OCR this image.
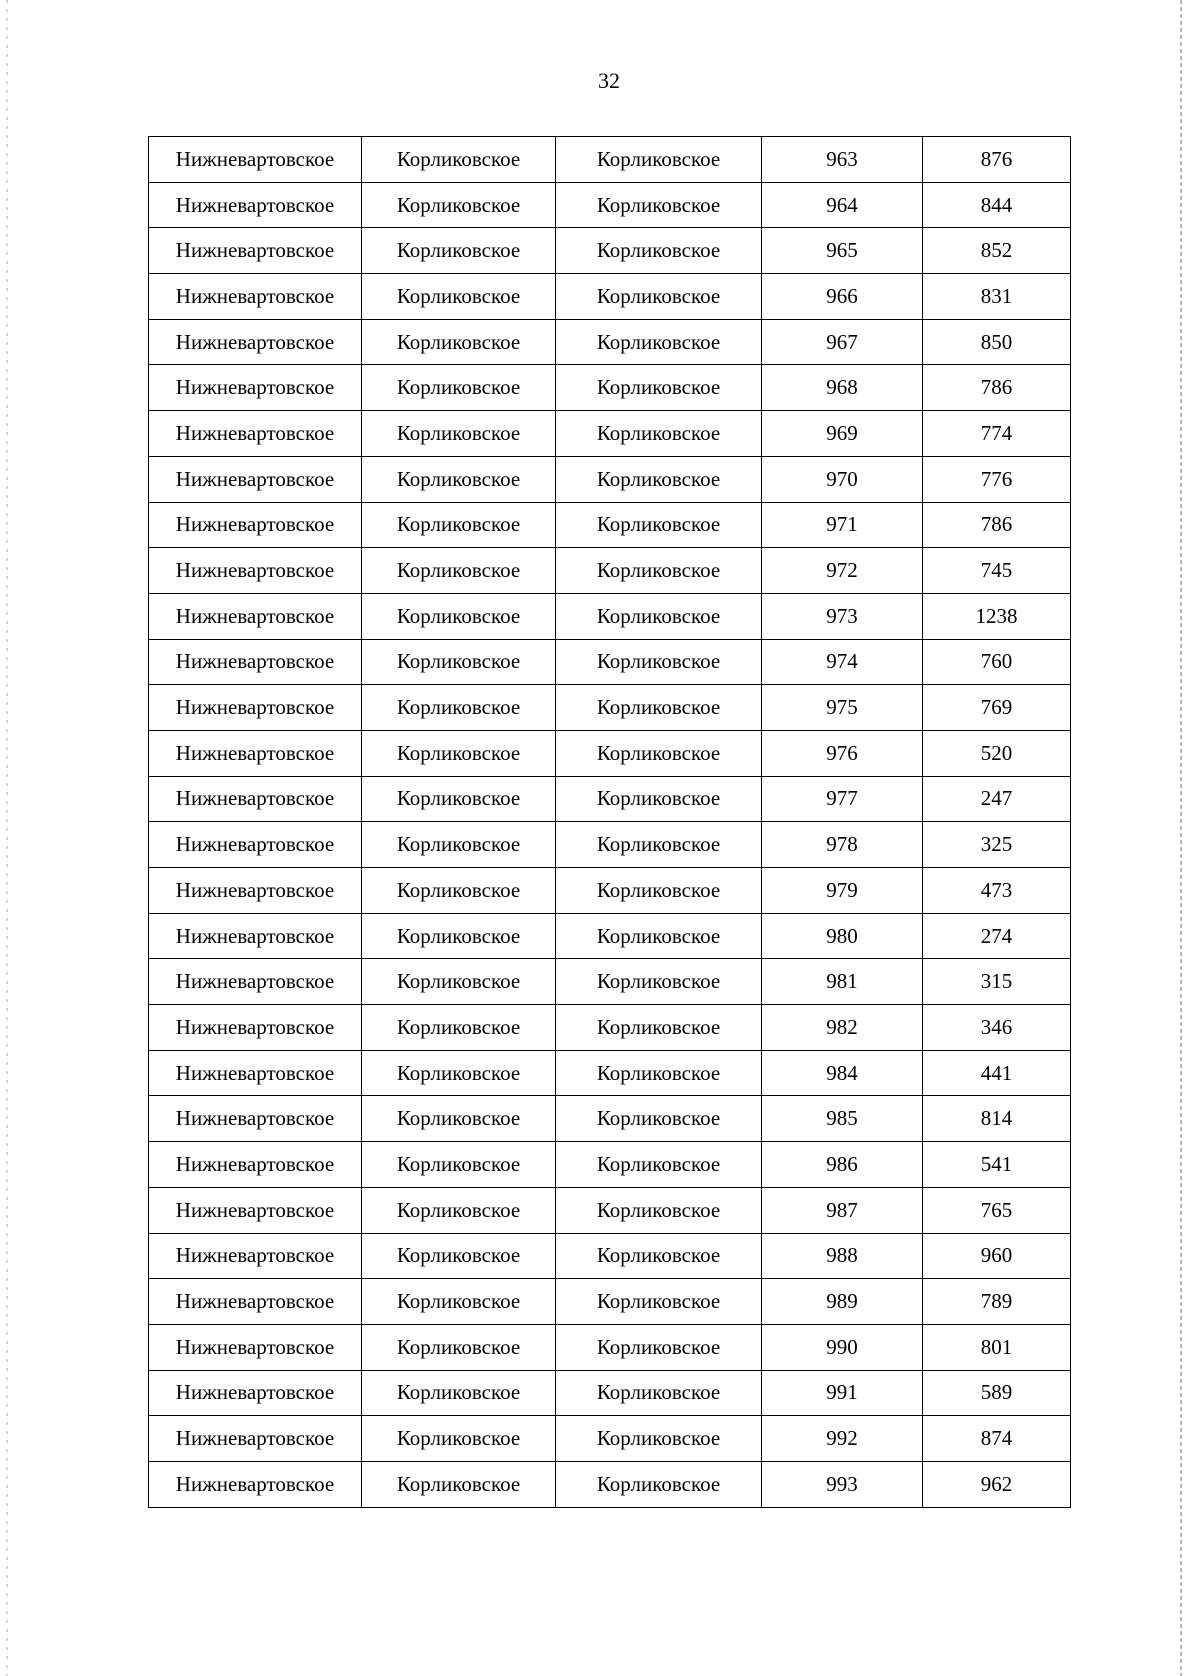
32
Нижневартовское	Корликовское	Корликовское	963	876
Нижневартовское	Корликовское	Корликовское	964	844
Нижневартовское	Корликовское	Корликовское	965	852
Нижневартовское	Корликовское	Корликовское	966	831
Нижневартовское	Корликовское	Корликовское	967	850
Нижневартовское	Корликовское	Корликовское	968	786
Нижневартовское	Корликовское	Корликовское	969	774
Нижневартовское	Корликовское	Корликовское	970	776
Нижневартовское	Корликовское	Корликовское	971	786
Нижневартовское	Корликовское	Корликовское	972	745
Нижневартовское	Корликовское	Корликовское	973	1238
Нижневартовское	Корликовское	Корликовское	974	760
Нижневартовское	Корликовское	Корликовское	975	769
Нижневартовское	Корликовское	Корликовское	976	520
Нижневартовское	Корликовское	Корликовское	977	247
Нижневартовское	Корликовское	Корликовское	978	325
Нижневартовское	Корликовское	Корликовское	979	473
Нижневартовское	Корликовское	Корликовское	980	274
Нижневартовское	Корликовское	Корликовское	981	315
Нижневартовское	Корликовское	Корликовское	982	346
Нижневартовское	Корликовское	Корликовское	984	441
Нижневартовское	Корликовское	Корликовское	985	814
Нижневартовское	Корликовское	Корликовское	986	541
Нижневартовское	Корликовское	Корликовское	987	765
Нижневартовское	Корликовское	Корликовское	988	960
Нижневартовское	Корликовское	Корликовское	989	789
Нижневартовское	Корликовское	Корликовское	990	801
Нижневартовское	Корликовское	Корликовское	991	589
Нижневартовское	Корликовское	Корликовское	992	874
Нижневартовское	Корликовское	Корликовское	993	962
